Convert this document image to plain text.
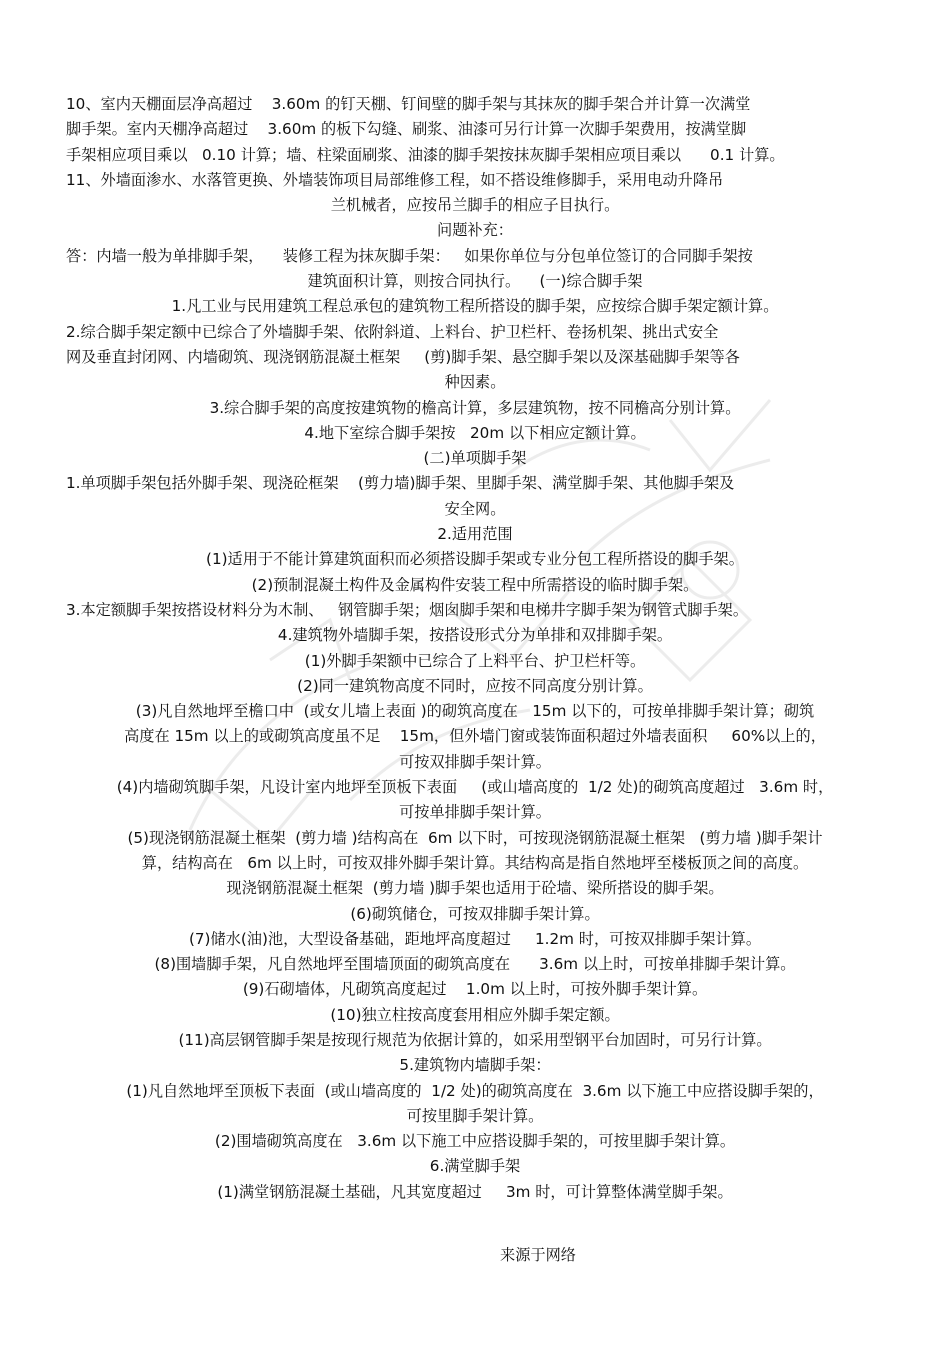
10、室内天棚面层净高超过    3.60m 的钉天棚、钉间壁的脚手架与其抹灰的脚手架合并计算一次满堂
脚手架。室内天棚净高超过    3.60m 的板下勾缝、刷浆、油漆可另行计算一次脚手架费用，按满堂脚
手架相应项目乘以   0.10 计算；墙、柱梁面刷浆、油漆的脚手架按抹灰脚手架相应项目乘以      0.1 计算。
11、外墙面渗水、水落管更换、外墙装饰项目局部维修工程，如不搭设维修脚手，采用电动升降吊
兰机械者，应按吊兰脚手的相应子目执行。
问题补充：
答：内墙一般为单排脚手架，    装修工程为抹灰脚手架：   如果你单位与分包单位签订的合同脚手架按
建筑面积计算，则按合同执行。    (一)综合脚手架
1.凡工业与民用建筑工程总承包的建筑物工程所搭设的脚手架，应按综合脚手架定额计算。
2.综合脚手架定额中已综合了外墙脚手架、依附斜道、上料台、护卫栏杆、卷扬机架、挑出式安全
网及垂直封闭网、内墙砌筑、现浇钢筋混凝土框架     (剪)脚手架、悬空脚手架以及深基础脚手架等各
种因素。
3.综合脚手架的高度按建筑物的檐高计算，多层建筑物，按不同檐高分别计算。
4.地下室综合脚手架按   20m 以下相应定额计算。
(二)单项脚手架
1.单项脚手架包括外脚手架、现浇砼框架    (剪力墙)脚手架、里脚手架、满堂脚手架、其他脚手架及
安全网。
2.适用范围
(1)适用于不能计算建筑面积而必须搭设脚手架或专业分包工程所搭设的脚手架。
(2)预制混凝土构件及金属构件安装工程中所需搭设的临时脚手架。
3.本定额脚手架按搭设材料分为木制、   钢管脚手架；烟囱脚手架和电梯井字脚手架为钢管式脚手架。
4.建筑物外墙脚手架，按搭设形式分为单排和双排脚手架。
(1)外脚手架额中已综合了上料平台、护卫栏杆等。
(2)同一建筑物高度不同时，应按不同高度分别计算。
(3)凡自然地坪至檐口中  (或女儿墙上表面 )的砌筑高度在   15m 以下的，可按单排脚手架计算；砌筑
高度在 15m 以上的或砌筑高度虽不足    15m，但外墙门窗或装饰面积超过外墙表面积     60%以上的，
可按双排脚手架计算。
(4)内墙砌筑脚手架，凡设计室内地坪至顶板下表面     (或山墙高度的  1/2 处)的砌筑高度超过   3.6m 时，
可按单排脚手架计算。
(5)现浇钢筋混凝土框架  (剪力墙 )结构高在  6m 以下时，可按现浇钢筋混凝土框架   (剪力墙 )脚手架计
算，结构高在   6m 以上时，可按双排外脚手架计算。其结构高是指自然地坪至楼板顶之间的高度。
现浇钢筋混凝土框架  (剪力墙 )脚手架也适用于砼墙、梁所搭设的脚手架。
(6)砌筑储仓，可按双排脚手架计算。
(7)储水(油)池，大型设备基础，距地坪高度超过     1.2m 时，可按双排脚手架计算。
(8)围墙脚手架，凡自然地坪至围墙顶面的砌筑高度在      3.6m 以上时，可按单排脚手架计算。
(9)石砌墙体，凡砌筑高度起过    1.0m 以上时，可按外脚手架计算。
(10)独立柱按高度套用相应外脚手架定额。
(11)高层钢管脚手架是按现行规范为依据计算的，如采用型钢平台加固时，可另行计算。
5.建筑物内墙脚手架：
(1)凡自然地坪至顶板下表面  (或山墙高度的  1/2 处)的砌筑高度在  3.6m 以下施工中应搭设脚手架的，
可按里脚手架计算。
(2)围墙砌筑高度在   3.6m 以下施工中应搭设脚手架的，可按里脚手架计算。
6.满堂脚手架
(1)满堂钢筋混凝土基础，凡其宽度超过     3m 时，可计算整体满堂脚手架。
来源于网络
